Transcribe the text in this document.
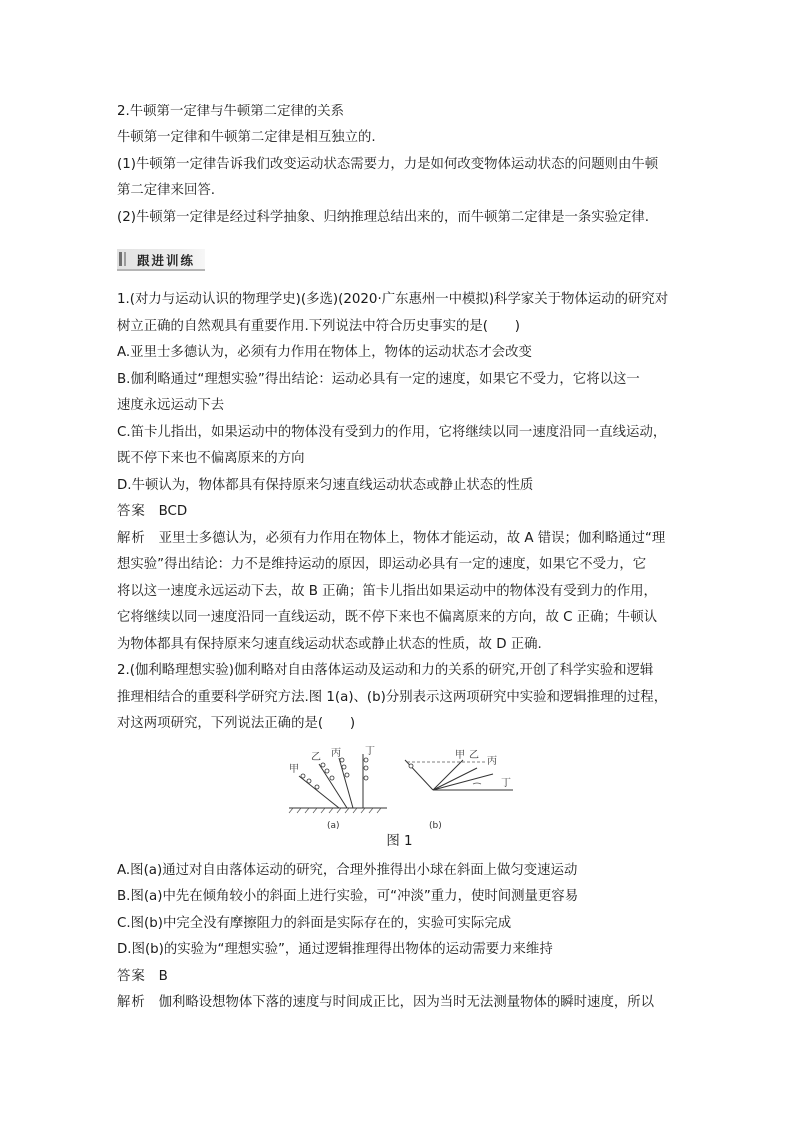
2.牛顿第一定律与牛顿第二定律的关系
牛顿第一定律和牛顿第二定律是相互独立的.
(1)牛顿第一定律告诉我们改变运动状态需要力，力是如何改变物体运动状态的问题则由牛顿
第二定律来回答.
(2)牛顿第一定律是经过科学抽象、归纳推理总结出来的，而牛顿第二定律是一条实验定律.
跟进训练
1.(对力与运动认识的物理学史)(多选)(2020·广东惠州一中模拟)科学家关于物体运动的研究对
树立正确的自然观具有重要作用.下列说法中符合历史事实的是(　　)
A.亚里士多德认为，必须有力作用在物体上，物体的运动状态才会改变
B.伽利略通过“理想实验”得出结论：运动必具有一定的速度，如果它不受力，它将以这一
速度永远运动下去
C.笛卡儿指出，如果运动中的物体没有受到力的作用，它将继续以同一速度沿同一直线运动，
既不停下来也不偏离原来的方向
D.牛顿认为，物体都具有保持原来匀速直线运动状态或静止状态的性质
答案 BCD
解析 亚里士多德认为，必须有力作用在物体上，物体才能运动，故 A 错误；伽利略通过“理
想实验”得出结论：力不是维持运动的原因，即运动必具有一定的速度，如果它不受力，它
将以这一速度永远运动下去，故 B 正确；笛卡儿指出如果运动中的物体没有受到力的作用，
它将继续以同一速度沿同一直线运动，既不停下来也不偏离原来的方向，故 C 正确；牛顿认
为物体都具有保持原来匀速直线运动状态或静止状态的性质，故 D 正确.
2.(伽利略理想实验)伽利略对自由落体运动及运动和力的关系的研究,开创了科学实验和逻辑
推理相结合的重要科学研究方法.图 1(a)、(b)分别表示这两项研究中实验和逻辑推理的过程，
对这两项研究，下列说法正确的是(　　)
甲
乙 丙 丁
(a)
甲 乙
丙
丁
(b)
图 1
A.图(a)通过对自由落体运动的研究，合理外推得出小球在斜面上做匀变速运动
B.图(a)中先在倾角较小的斜面上进行实验，可“冲淡”重力，使时间测量更容易
C.图(b)中完全没有摩擦阻力的斜面是实际存在的，实验可实际完成
D.图(b)的实验为“理想实验”，通过逻辑推理得出物体的运动需要力来维持
答案 B
解析 伽利略设想物体下落的速度与时间成正比，因为当时无法测量物体的瞬时速度，所以
